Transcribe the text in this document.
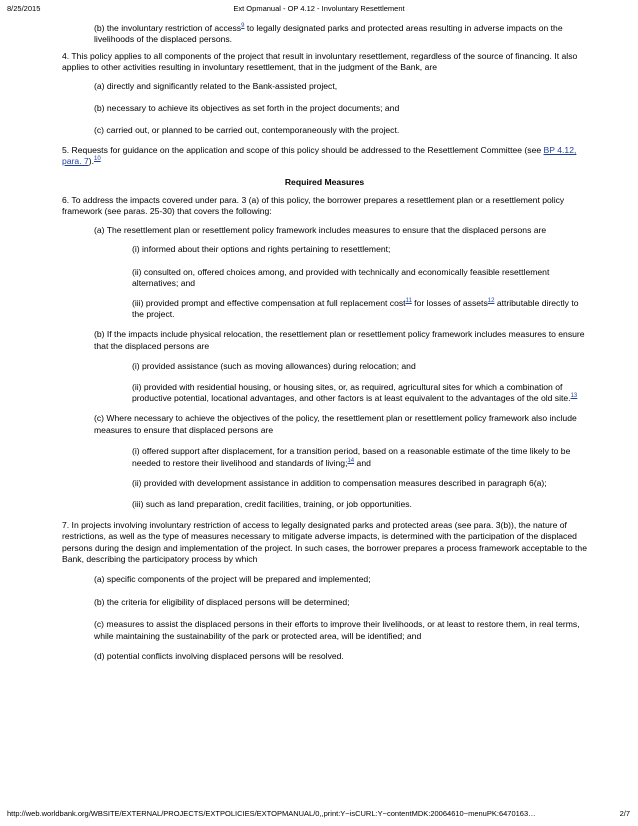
8/25/2015	Ext Opmanual - OP 4.12 - Involuntary Resettlement

(b) the involuntary restriction of access$^9$ to legally designated parks and protected areas resulting in adverse impacts on the livelihoods of the displaced persons.

4. This policy applies to all components of the project that result in involuntary resettlement, regardless of the source of financing. It also applies to other activities resulting in involuntary resettlement, that in the judgment of the Bank, are

(a) directly and significantly related to the Bank-assisted project,

(b) necessary to achieve its objectives as set forth in the project documents; and

(c) carried out, or planned to be carried out, contemporaneously with the project.

5. Requests for guidance on the application and scope of this policy should be addressed to the Resettlement Committee (see BP 4.12, para. 7).$^{10}$

Required Measures

6. To address the impacts covered under para. 3 (a) of this policy, the borrower prepares a resettlement plan or a resettlement policy framework (see paras. 25-30) that covers the following:

(a) The resettlement plan or resettlement policy framework includes measures to ensure that the displaced persons are

(i) informed about their options and rights pertaining to resettlement;

(ii) consulted on, offered choices among, and provided with technically and economically feasible resettlement alternatives; and

(iii) provided prompt and effective compensation at full replacement cost$^{11}$ for losses of assets$^{12}$ attributable directly to the project.

(b) If the impacts include physical relocation, the resettlement plan or resettlement policy framework includes measures to ensure that the displaced persons are

(i) provided assistance (such as moving allowances) during relocation; and

(ii) provided with residential housing, or housing sites, or, as required, agricultural sites for which a combination of productive potential, locational advantages, and other factors is at least equivalent to the advantages of the old site.$^{13}$

(c) Where necessary to achieve the objectives of the policy, the resettlement plan or resettlement policy framework also include measures to ensure that displaced persons are

(i) offered support after displacement, for a transition period, based on a reasonable estimate of the time likely to be needed to restore their livelihood and standards of living;$^{14}$ and

(ii) provided with development assistance in addition to compensation measures described in paragraph 6(a);

(iii) such as land preparation, credit facilities, training, or job opportunities.

7. In projects involving involuntary restriction of access to legally designated parks and protected areas (see para. 3(b)), the nature of restrictions, as well as the type of measures necessary to mitigate adverse impacts, is determined with the participation of the displaced persons during the design and implementation of the project. In such cases, the borrower prepares a process framework acceptable to the Bank, describing the participatory process by which

(a) specific components of the project will be prepared and implemented;

(b) the criteria for eligibility of displaced persons will be determined;

(c) measures to assist the displaced persons in their efforts to improve their livelihoods, or at least to restore them, in real terms, while maintaining the sustainability of the park or protected area, will be identified; and

(d) potential conflicts involving displaced persons will be resolved.

http://web.worldbank.org/WBSITE/EXTERNAL/PROJECTS/EXTPOLICIES/EXTOPMANUAL/0,,print:Y~isCURL:Y~contentMDK:20064610~menuPK:6470163…	2/7
